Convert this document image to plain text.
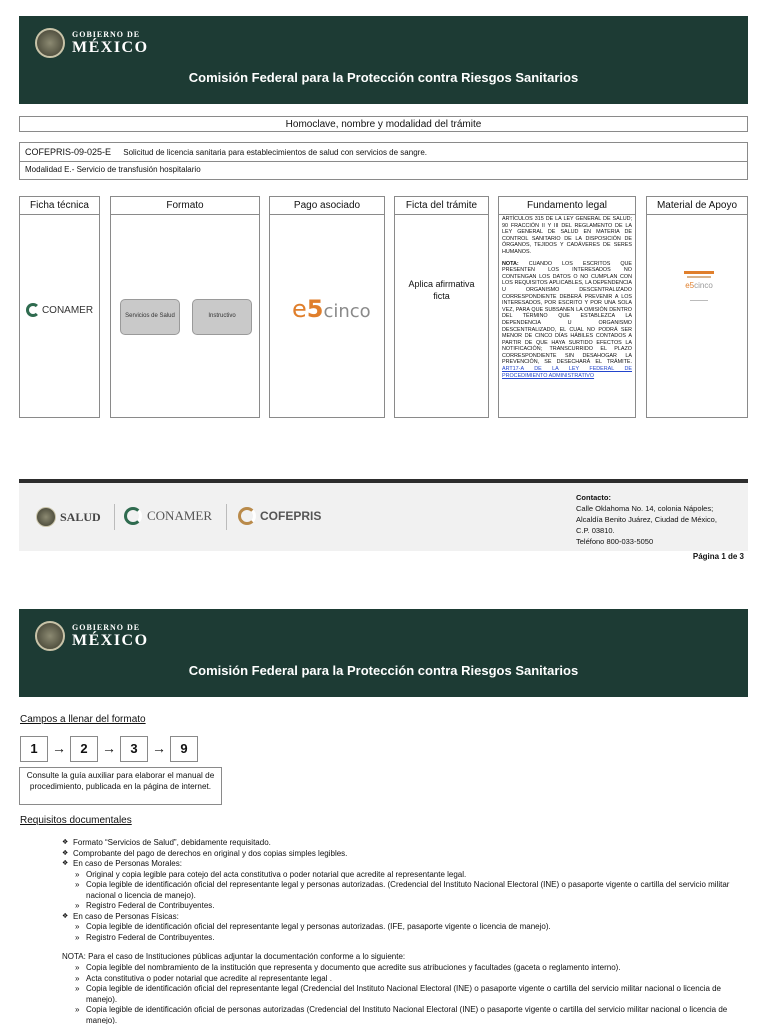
GOBIERNO DE
MÉXICO
Comisión Federal para la Protección contra Riesgos Sanitarios
Homoclave, nombre y modalidad del trámite
COFEPRIS-09-025-E Solicitud de licencia sanitaria para establecimientos de salud con servicios de sangre.
Modalidad E.- Servicio de transfusión hospitalario
Ficha técnica
CONAMER
Formato
Servicios de Salud	Instructivo
Pago asociado
e5cinco
Ficta del trámite
Aplica afirmativa ficta
Fundamento legal
ARTÍCULOS 315 DE LA LEY GENERAL DE SALUD; 90 FRACCIÓN II Y III DEL REGLAMENTO DE LA LEY GENERAL DE SALUD EN MATERIA DE CONTROL SANITARIO DE LA DISPOSICIÓN DE ÓRGANOS, TEJIDOS Y CADÁVERES DE SERES HUMANOS.
NOTA: CUANDO LOS ESCRITOS QUE PRESENTEN LOS INTERESADOS NO CONTENGAN LOS DATOS O NO CUMPLAN CON LOS REQUISITOS APLICABLES, LA DEPENDENCIA U ORGANISMO DESCENTRALIZADO CORRESPONDIENTE DEBERÁ PREVENIR A LOS INTERESADOS, POR ESCRITO Y POR UNA SOLA VEZ, PARA QUE SUBSANEN LA OMISIÓN DENTRO DEL TÉRMINO QUE ESTABLEZCA LA DEPENDENCIA U ORGANISMO DESCENTRALIZADO, EL CUAL NO PODRÁ SER MENOR DE CINCO DÍAS HÁBILES CONTADOS A PARTIR DE QUE HAYA SURTIDO EFECTOS LA NOTIFICACIÓN; TRANSCURRIDO EL PLAZO CORRESPONDIENTE SIN DESAHOGAR LA PREVENCIÓN, SE DESECHARÁ EL TRÁMITE. ART17-A DE LA LEY FEDERAL DE PROCEDIMIENTO ADMINISTRATIVO
Material de Apoyo
e5cinco
SALUD	CONAMER	COFEPRIS
Contacto:
Calle Oklahoma No. 14, colonia Nápoles;
Alcaldía Benito Juárez, Ciudad de México,
C.P. 03810.
Teléfono 800-033-5050
Página 1 de 3
GOBIERNO DE
MÉXICO
Comisión Federal para la Protección contra Riesgos Sanitarios
Campos a llenar del formato
1	→	2	→	3	→	9
Consulte la guía auxiliar para elaborar el manual de procedimiento, publicada en la página de internet.
Requisitos documentales
❖ Formato “Servicios de Salud”, debidamente requisitado.
❖ Comprobante del pago de derechos en original y dos copias simples legibles.
❖ En caso de Personas Morales:
» Original y copia legible para cotejo del acta constitutiva o poder notarial que acredite al representante legal.
» Copia legible de identificación oficial del representante legal y personas autorizadas. (Credencial del Instituto Nacional Electoral (INE) o pasaporte vigente o cartilla del servicio militar nacional o licencia de manejo).
» Registro Federal de Contribuyentes.
❖ En caso de Personas Físicas:
» Copia legible de identificación oficial del representante legal y personas autorizadas. (IFE, pasaporte vigente o licencia de manejo).
» Registro Federal de Contribuyentes.
NOTA: Para el caso de Instituciones públicas adjuntar la documentación conforme a lo siguiente:
» Copia legible del nombramiento de la institución que representa y documento que acredite sus atribuciones y facultades (gaceta o reglamento interno).
» Acta constitutiva o poder notarial que acredite al representante legal .
» Copia legible de identificación oficial del representante legal (Credencial del Instituto Nacional Electoral (INE) o pasaporte vigente o cartilla del servicio militar nacional o licencia de manejo).
» Copia legible de identificación oficial de personas autorizadas (Credencial del Instituto Nacional Electoral (INE) o pasaporte vigente o cartilla del servicio militar nacional o licencia de manejo).
